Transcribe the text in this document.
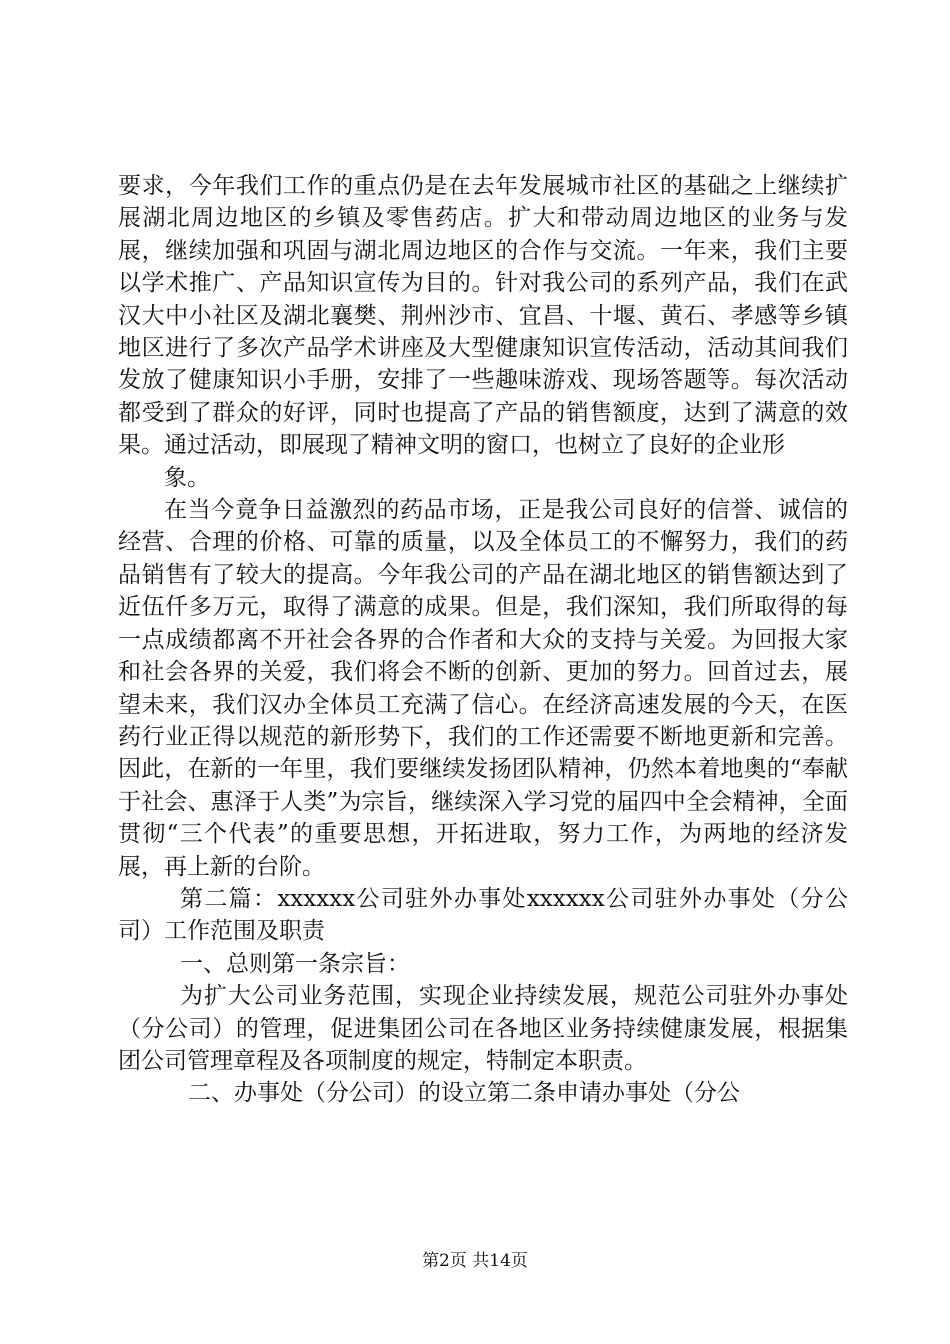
要求，今年我们工作的重点仍是在去年发展城市社区的基础之上继续扩展湖北周边地区的乡镇及零售药店。扩大和带动周边地区的业务与发展，继续加强和巩固与湖北周边地区的合作与交流。一年来，我们主要以学术推广、产品知识宣传为目的。针对我公司的系列产品，我们在武汉大中小社区及湖北襄樊、荆州沙市、宜昌、十堰、黄石、孝感等乡镇地区进行了多次产品学术讲座及大型健康知识宣传活动，活动其间我们发放了健康知识小手册，安排了一些趣味游戏、现场答题等。每次活动都受到了群众的好评，同时也提高了产品的销售额度，达到了满意的效果。通过活动，即展现了精神文明的窗口，也树立了良好的企业形

象。

在当今竟争日益激烈的药品市场，正是我公司良好的信誉、诚信的经营、合理的价格、可靠的质量，以及全体员工的不懈努力，我们的药品销售有了较大的提高。今年我公司的产品在湖北地区的销售额达到了近伍仟多万元，取得了满意的成果。但是，我们深知，我们所取得的每一点成绩都离不开社会各界的合作者和大众的支持与关爱。为回报大家和社会各界的关爱，我们将会不断的创新、更加的努力。回首过去，展望未来，我们汉办全体员工充满了信心。在经济高速发展的今天，在医药行业正得以规范的新形势下，我们的工作还需要不断地更新和完善。因此，在新的一年里，我们要继续发扬团队精神，仍然本着地奥的“奉献于社会、惠泽于人类”为宗旨，继续深入学习党的届四中全会精神，全面贯彻“三个代表”的重要思想，开拓进取，努力工作，为两地的经济发展，再上新的台阶。

第二篇：xxxxxx公司驻外办事处xxxxxx公司驻外办事处（分公司）工作范围及职责

一、总则第一条宗旨：

为扩大公司业务范围，实现企业持续发展，规范公司驻外办事处（分公司）的管理，促进集团公司在各地区业务持续健康发展，根据集团公司管理章程及各项制度的规定，特制定本职责。

二、办事处（分公司）的设立第二条申请办事处（分公

第2页 共14页
